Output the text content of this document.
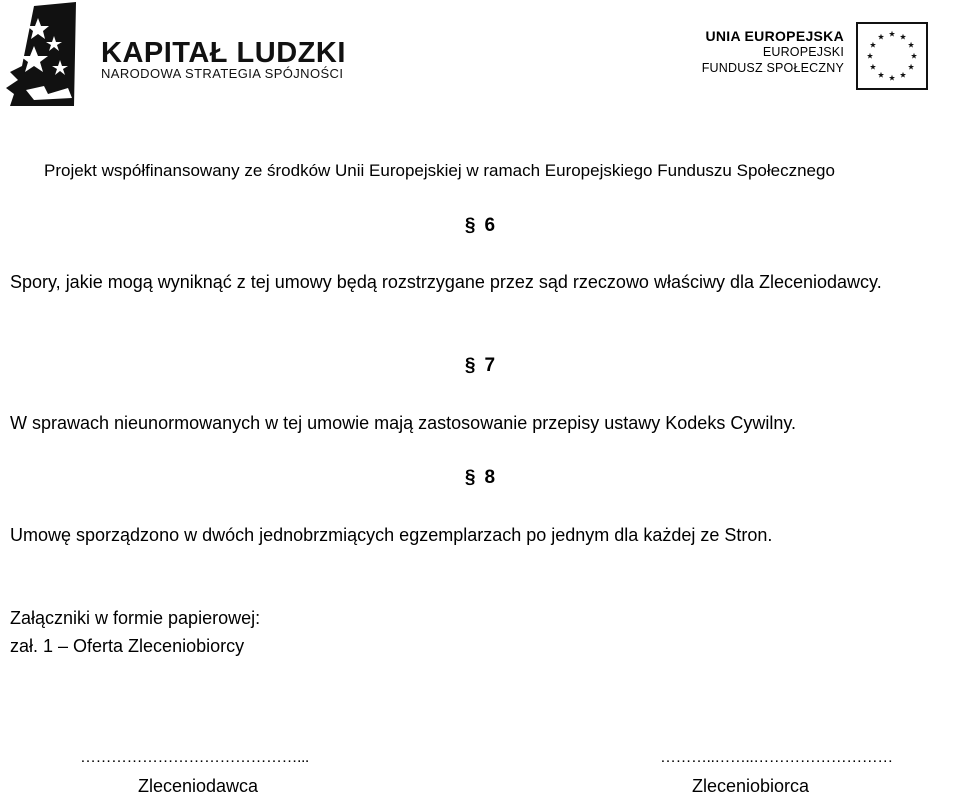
KAPITAŁ LUDZKI
NARODOWA STRATEGIA SPÓJNOŚCI
UNIA EUROPEJSKA
EUROPEJSKI
FUNDUSZ SPOŁECZNY
Projekt współfinansowany ze środków Unii Europejskiej w ramach Europejskiego Funduszu Społecznego
§ 6
Spory, jakie mogą wyniknąć z tej umowy będą rozstrzygane przez sąd rzeczowo właściwy dla Zleceniodawcy.
§ 7
W sprawach nieunormowanych w tej umowie mają zastosowanie przepisy ustawy Kodeks Cywilny.
§ 8
Umowę sporządzono w dwóch jednobrzmiących egzemplarzach po jednym dla każdej ze Stron.
Załączniki w formie papierowej:
zał. 1 – Oferta Zleceniobiorcy
……………………………………...	………..……..………………………
Zleceniodawca	Zleceniobiorca
